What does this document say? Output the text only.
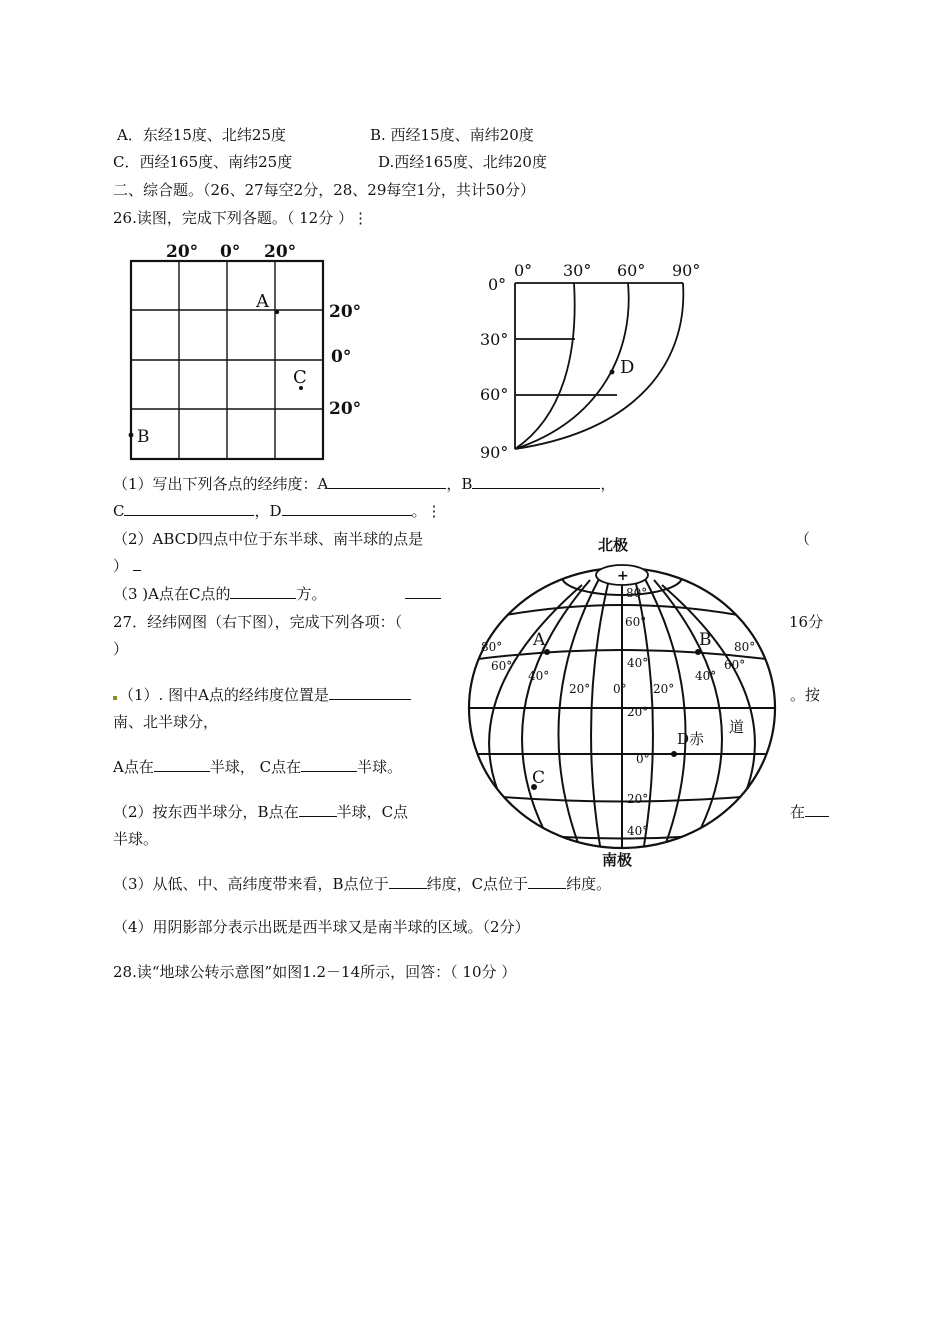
A．东经15度、北纬25度	B. 西经15度、南纬20度
C．西经165度、南纬25度	D.西经165度、北纬20度
二、综合题。（26、27每空2分，28、29每空1分，共计50分）
26.读图，完成下列各题。（ 12分 ）⋮
20° 0° 20°
20°
0°
20°
A
C
B
0° 30° 60° 90°
0°
30°
60°
90°
D
（1）写出下列各点的经纬度：A	，B	，
C	，D	。⋮
（2）ABCD四点中位于东半球、南半球的点是	（
）
（3 )A点在C点的	方。
27．经纬网图（右下图），完成下列各项：（	16分
）
（1）. 图中A点的经纬度位置是	。按
南、北半球分，
A点在	半球， C点在	半球。
（2）按东西半球分，B点在	半球，C点	在
半球。
（3）从低、中、高纬度带来看，B点位于	纬度，C点位于	纬度。
（4）用阴影部分表示出既是西半球又是南半球的区域。（2分）
28.读“地球公转示意图”如图1.2－14所示，回答：（ 10分 ）
+
北极
南极
A	B
C
D赤
道
80°
60°
40°
20°
0°
20°
40°
80°
60°
40°
20° 0° 20°
40°
60°
80°
